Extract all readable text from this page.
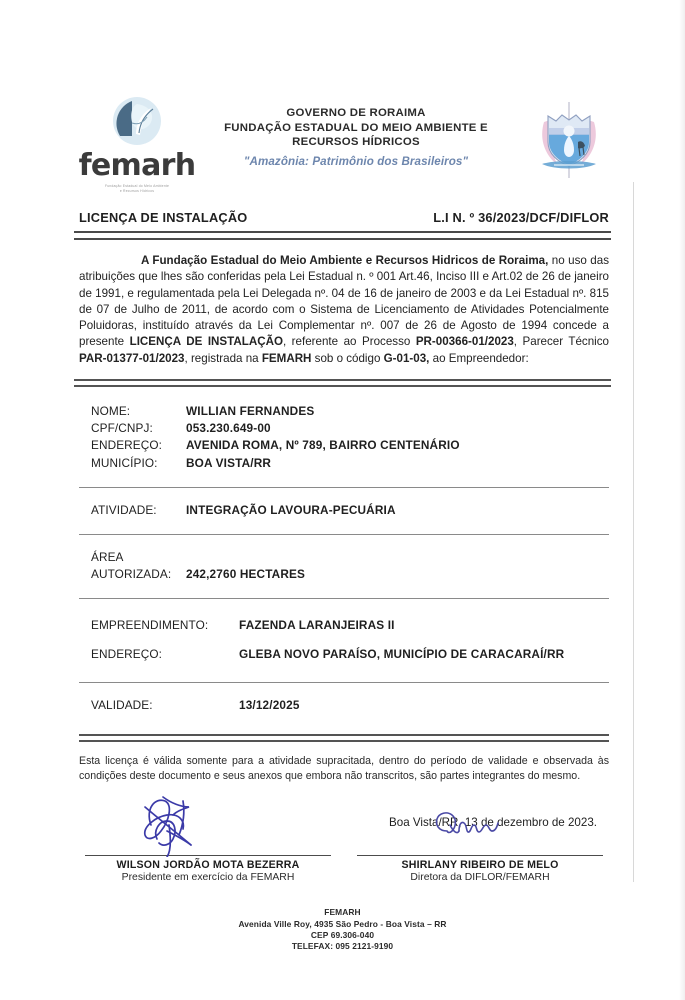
femarh
Fundação Estadual do Meio Ambiente
e Recursos Hídricos
GOVERNO DE RORAIMA
FUNDAÇÃO ESTADUAL DO MEIO AMBIENTE E
RECURSOS HÍDRICOS
"Amazônia: Patrimônio dos Brasileiros"
LICENÇA DE INSTALAÇÃO	L.I N. º 36/2023/DCF/DIFLOR

A Fundação Estadual do Meio Ambiente e Recursos Hidricos de Roraima, no uso das atribuições que lhes são conferidas pela Lei Estadual n. º 001 Art.46, Inciso III e Art.02 de 26 de janeiro de 1991, e regulamentada pela Lei Delegada nº. 04 de 16 de janeiro de 2003 e da Lei Estadual nº. 815 de 07 de Julho de 2011, de acordo com o Sistema de Licenciamento de Atividades Potencialmente Poluidoras, instituído através da Lei Complementar nº. 007 de 26 de Agosto de 1994 concede a presente LICENÇA DE INSTALAÇÃO, referente ao Processo PR-00366-01/2023, Parecer Técnico PAR-01377-01/2023, registrada na FEMARH sob o código G-01-03, ao Empreendedor:

NOME:	WILLIAN FERNANDES
CPF/CNPJ:	053.230.649-00
ENDEREÇO:	AVENIDA ROMA, Nº 789, BAIRRO CENTENÁRIO
MUNICÍPIO:	BOA VISTA/RR
ATIVIDADE:	INTEGRAÇÃO LAVOURA-PECUÁRIA
ÁREA
AUTORIZADA:	242,2760 HECTARES
EMPREENDIMENTO:	FAZENDA LARANJEIRAS II
ENDEREÇO:	GLEBA NOVO PARAÍSO, MUNICÍPIO DE CARACARAÍ/RR
VALIDADE:	13/12/2025

Esta licença é válida somente para a atividade supracitada, dentro do período de validade e observada às condições deste documento e seus anexos que embora não transcritos, são partes integrantes do mesmo.

Boa Vista/RR, 13 de dezembro de 2023.
WILSON JORDÃO MOTA BEZERRA
Presidente em exercício da FEMARH
SHIRLANY RIBEIRO DE MELO
Diretora da DIFLOR/FEMARH
FEMARH
Avenida Ville Roy, 4935 São Pedro - Boa Vista – RR
CEP 69.306-040
TELEFAX: 095 2121-9190
